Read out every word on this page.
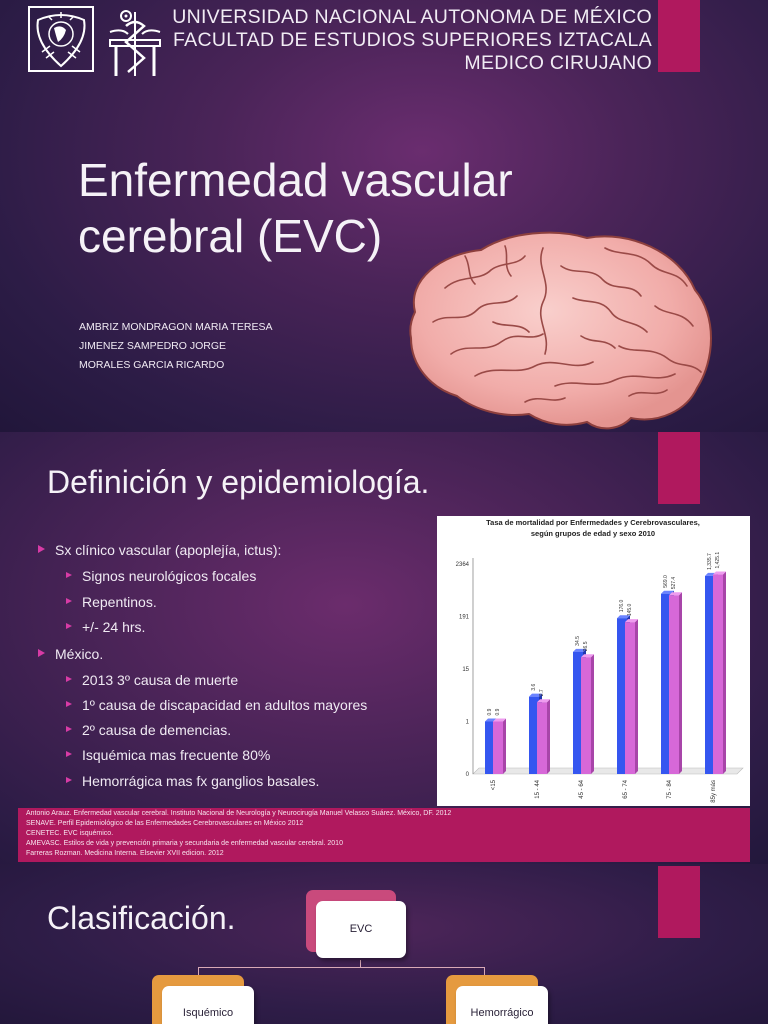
UNIVERSIDAD NACIONAL AUTONOMA DE MÉXICO
FACULTAD DE ESTUDIOS SUPERIORES IZTACALA
MEDICO CIRUJANO
Enfermedad vascular
cerebral (EVC)
AMBRIZ MONDRAGON MARIA TERESA
JIMENEZ SAMPEDRO JORGE
MORALES GARCIA RICARDO
Definición y epidemiología.
Sx clínico vascular (apoplejía, ictus):
Signos neurológicos focales
Repentinos.
+/- 24 hrs.
México.
2013 3º causa de muerte
1º causa de discapacidad en adultos mayores
2º causa de demencias.
Isquémica mas frecuente 80%
Hemorrágica mas fx ganglios basales.
Tasa de mortalidad por Enfermedades y Cerebrovasculares,
según grupos de edad y sexo 2010
0
1
15
191
2364
0.9 0.9
<15
3.6
2.7
15 - 44
34.5
26.5
45 - 64
176.0 145.0
65 - 74
569.0 527.4
75 - 84
1,335.7 1,425.1
85y más
Antonio Arauz. Enfermedad vascular cerebral. Instituto Nacional de Neurología y Neurocirugía Manuel Velasco Suárez. México, DF. 2012
SENAVE. Perfil Epidemiológico de las Enfermedades Cerebrovasculares en México 2012
CENETEC. EVC isquémico.
AMEVASC. Estilos de vida y prevención primaria y secundaria de enfermedad vascular cerebral. 2010
Farreras Rozman. Medicina Interna. Elsevier XVII edicion. 2012
Clasificación.	EVC
Isquémico	Hemorrágico
